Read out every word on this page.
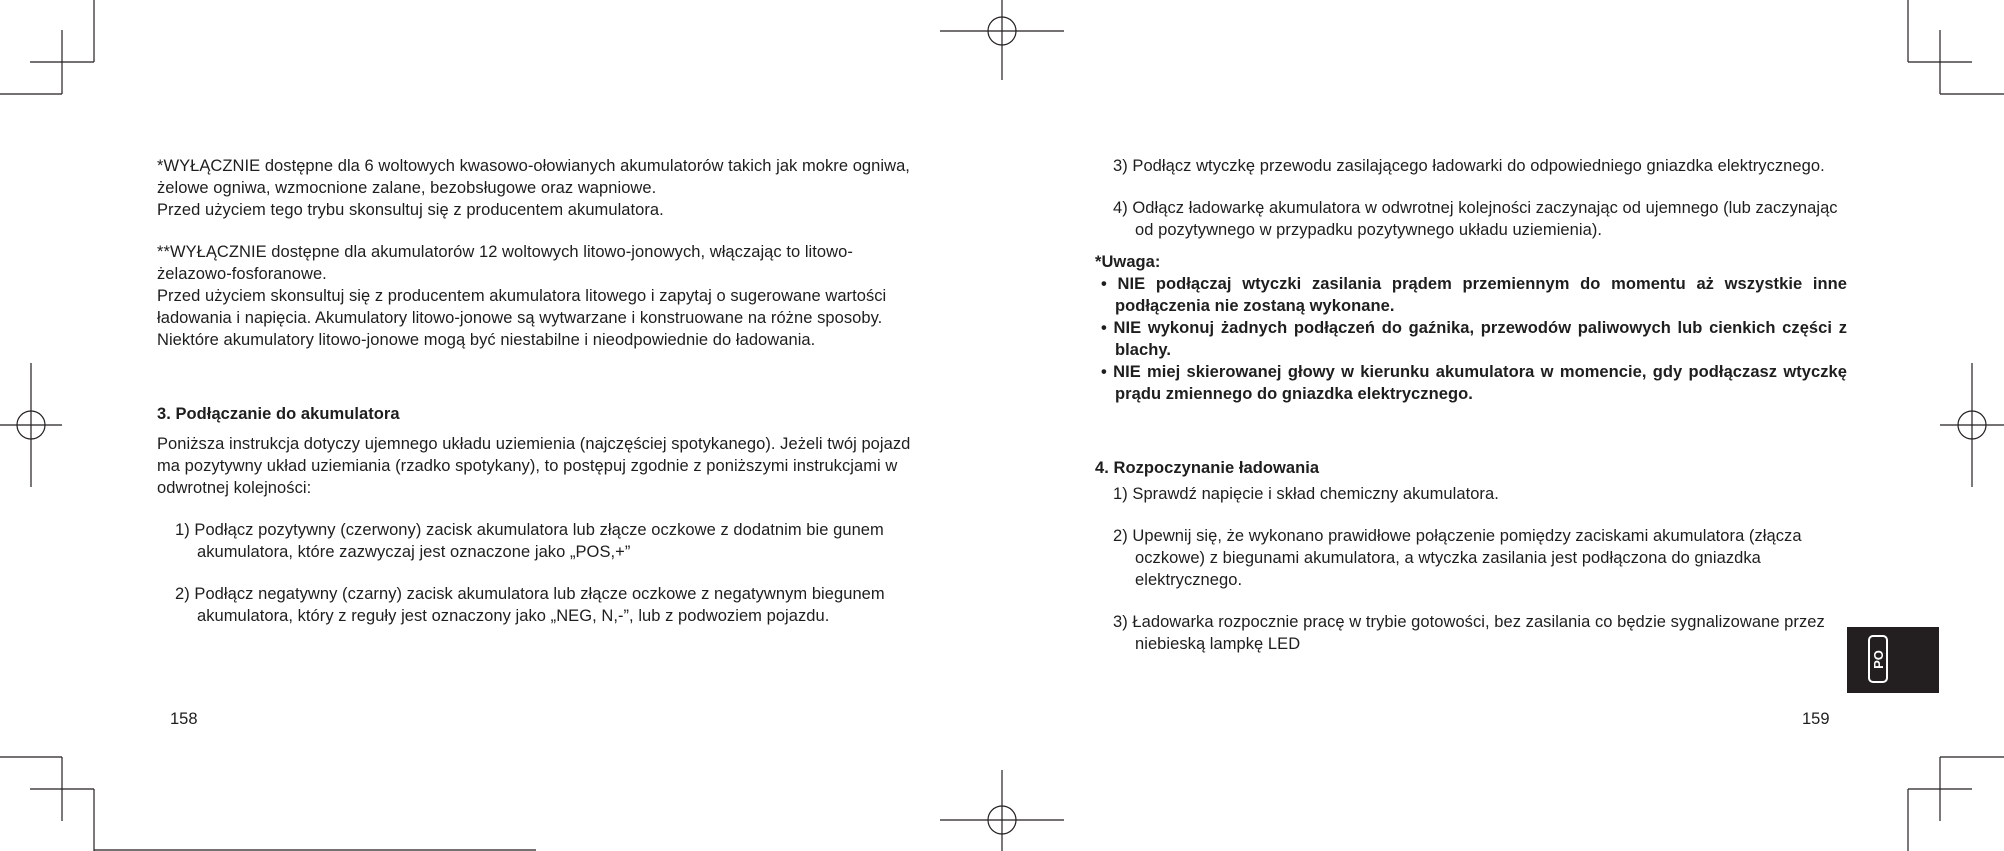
*WYŁĄCZNIE dostępne dla 6 woltowych kwasowo-ołowianych akumulatorów takich jak mokre ogniwa, żelowe ogniwa, wzmocnione zalane, bezobsługowe oraz wapniowe.

Przed użyciem tego trybu skonsultuj się z producentem akumulatora.

**WYŁĄCZNIE dostępne dla akumulatorów 12 woltowych litowo-jonowych, włączając to litowo-żelazowo-fosforanowe.

Przed użyciem skonsultuj się z producentem akumulatora litowego i zapytaj o sugerowane wartości ładowania i napięcia. Akumulatory litowo-jonowe są wytwarzane i konstruowane na różne sposoby. Niektóre akumulatory litowo-jonowe mogą być niestabilne i nieodpowiednie do ładowania.

3. Podłączanie do akumulatora

Poniższa instrukcja dotyczy ujemnego układu uziemienia (najczęściej spotykanego). Jeżeli twój pojazd ma pozytywny układ uziemiania (rzadko spotykany), to postępuj zgodnie z poniższymi instrukcjami w odwrotnej kolejności:

1) Podłącz pozytywny (czerwony) zacisk akumulatora lub złącze oczkowe z dodatnim bie gunem akumulatora, które zazwyczaj jest oznaczone jako „POS,+”

2) Podłącz negatywny (czarny) zacisk akumulatora lub złącze oczkowe z negatywnym biegunem akumulatora, który z reguły jest oznaczony jako „NEG, N,-”, lub z podwoziem pojazdu.

158

3) Podłącz wtyczkę przewodu zasilającego ładowarki do odpowiedniego gniazdka elektrycznego.

4) Odłącz ładowarkę akumulatora w odwrotnej kolejności zaczynając od ujemnego (lub zaczynając od pozytywnego w przypadku pozytywnego układu uziemienia).

*Uwaga:

• NIE podłączaj wtyczki zasilania prądem przemiennym do momentu aż wszystkie inne podłączenia nie zostaną wykonane.

• NIE wykonuj żadnych podłączeń do gaźnika, przewodów paliwowych lub cienkich części z blachy.

• NIE miej skierowanej głowy w kierunku akumulatora w momencie, gdy podłączasz wtyczkę prądu zmiennego do gniazdka elektrycznego.

4. Rozpoczynanie ładowania

1) Sprawdź napięcie i skład chemiczny akumulatora.

2) Upewnij się, że wykonano prawidłowe połączenie pomiędzy zaciskami akumulatora (złącza oczkowe) z biegunami akumulatora, a wtyczka zasilania jest podłączona do gniazdka elektrycznego.

3) Ładowarka rozpocznie pracę w trybie gotowości, bez zasilania co będzie sygnalizowane przez niebieską lampkę LED

159
PO
